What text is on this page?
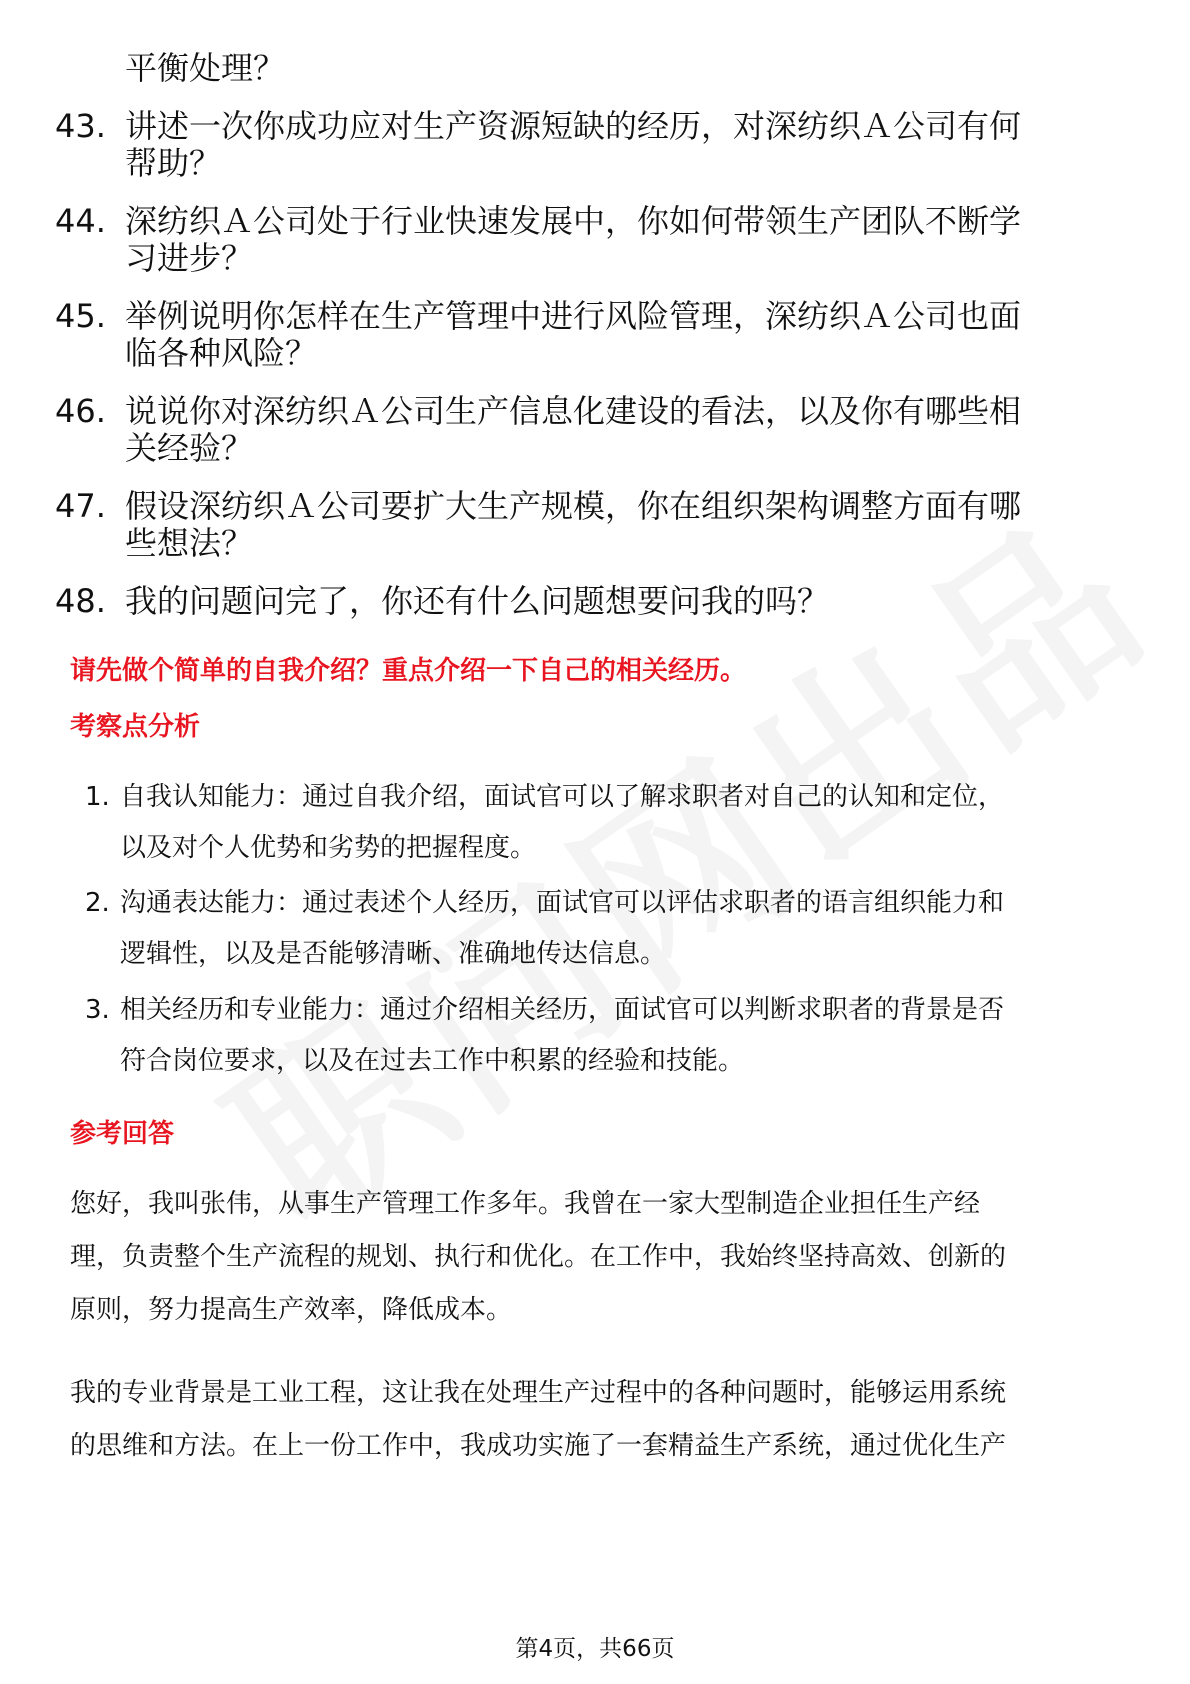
平衡处理？
43. 讲述一次你成功应对生产资源短缺的经历，对深纺织Ａ公司有何
帮助？
44. 深纺织Ａ公司处于行业快速发展中，你如何带领生产团队不断学
习进步？
45. 举例说明你怎样在生产管理中进行风险管理，深纺织Ａ公司也面
临各种风险？
46. 说说你对深纺织Ａ公司生产信息化建设的看法，以及你有哪些相
关经验？
47. 假设深纺织Ａ公司要扩大生产规模，你在组织架构调整方面有哪
些想法？
48. 我的问题问完了，你还有什么问题想要问我的吗？
请先做个简单的自我介绍？重点介绍一下自己的相关经历。
考察点分析
1. 自我认知能力：通过自我介绍，面试官可以了解求职者对自己的认知和定位，
以及对个人优势和劣势的把握程度。
2. 沟通表达能力：通过表述个人经历，面试官可以评估求职者的语言组织能力和
逻辑性，以及是否能够清晰、准确地传达信息。
3. 相关经历和专业能力：通过介绍相关经历，面试官可以判断求职者的背景是否
符合岗位要求，以及在过去工作中积累的经验和技能。
参考回答
您好，我叫张伟，从事生产管理工作多年。我曾在一家大型制造企业担任生产经
理，负责整个生产流程的规划、执行和优化。在工作中，我始终坚持高效、创新的
原则，努力提高生产效率，降低成本。
我的专业背景是工业工程，这让我在处理生产过程中的各种问题时，能够运用系统
的思维和方法。在上一份工作中，我成功实施了一套精益生产系统，通过优化生产
第4页，共66页
